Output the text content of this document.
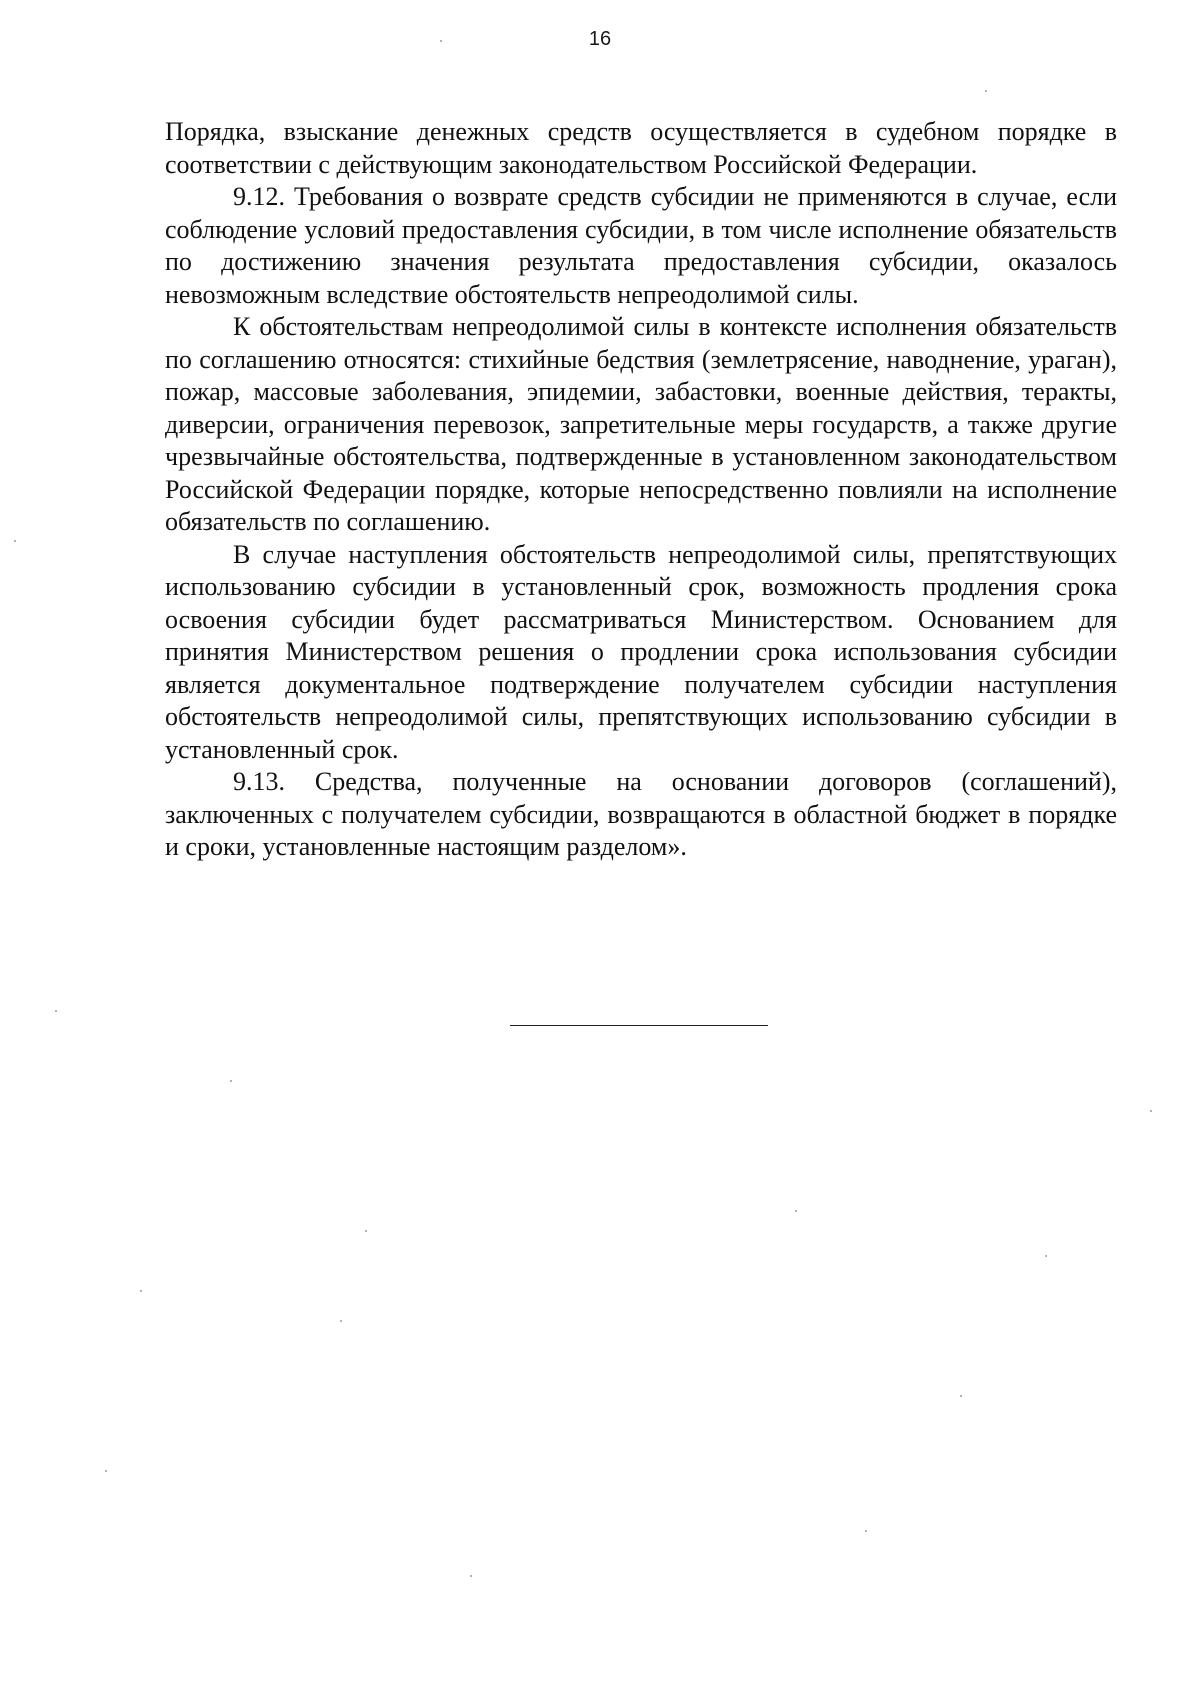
16

Порядка, взыскание денежных средств осуществляется в судебном порядке в соответствии с действующим законодательством Российской Федерации.

9.12. Требования о возврате средств субсидии не применяются в случае, если соблюдение условий предоставления субсидии, в том числе исполнение обязательств по достижению значения результата предоставления субсидии, оказалось невозможным вследствие обстоятельств непреодолимой силы.

К обстоятельствам непреодолимой силы в контексте исполнения обязательств по соглашению относятся: стихийные бедствия (землетрясение, наводнение, ураган), пожар, массовые заболевания, эпидемии, забастовки, военные действия, теракты, диверсии, ограничения перевозок, запретительные меры государств, а также другие чрезвычайные обстоятельства, подтвержденные в установленном законодательством Российской Федерации порядке, которые непосредственно повлияли на исполнение обязательств по соглашению.

В случае наступления обстоятельств непреодолимой силы, препятствующих использованию субсидии в установленный срок, возможность продления срока освоения субсидии будет рассматриваться Министерством. Основанием для принятия Министерством решения о продлении срока использования субсидии является документальное подтверждение получателем субсидии наступления обстоятельств непреодолимой силы, препятствующих использованию субсидии в установленный срок.

9.13. Средства, полученные на основании договоров (соглашений), заключенных с получателем субсидии, возвращаются в областной бюджет в порядке и сроки, установленные настоящим разделом».
